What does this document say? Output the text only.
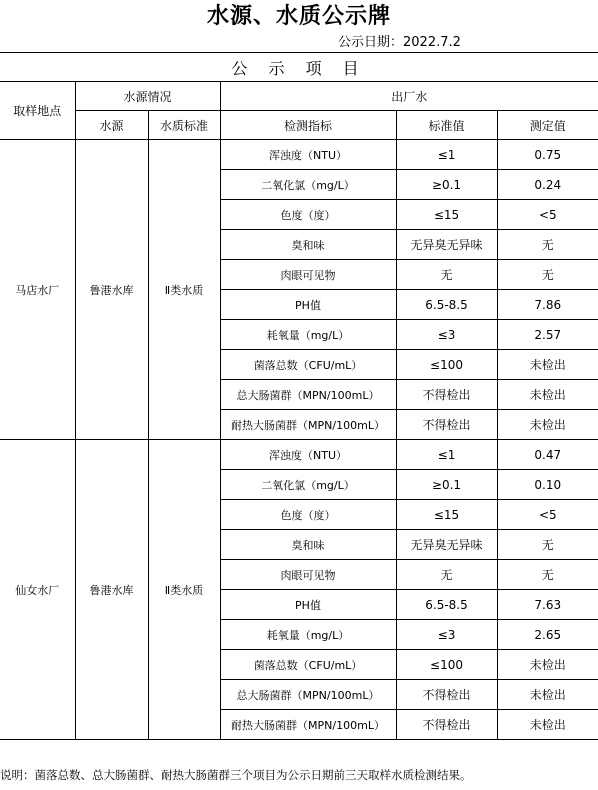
水源、水质公示牌
公示日期：2022.7.2
公 示 项 目					
取样地点	水源情况		出厂水		
	水源	水质标准	检测指标	标准值	测定值
马店水厂	鲁港水库	Ⅱ类水质	浑浊度（NTU）	≤1	0.75
			二氧化氯（mg/L）	≥0.1	0.24
			色度（度）	≤15	<5
			臭和味	无异臭无异味	无
			肉眼可见物	无	无
			PH值	6.5-8.5	7.86
			耗氧量（mg/L）	≤3	2.57
			菌落总数（CFU/mL）	≤100	未检出
			总大肠菌群（MPN/100mL）	不得检出	未检出
			耐热大肠菌群（MPN/100mL）	不得检出	未检出
仙女水厂	鲁港水库	Ⅱ类水质	浑浊度（NTU）	≤1	0.47
			二氧化氯（mg/L）	≥0.1	0.10
			色度（度）	≤15	<5
			臭和味	无异臭无异味	无
			肉眼可见物	无	无
			PH值	6.5-8.5	7.63
			耗氧量（mg/L）	≤3	2.65
			菌落总数（CFU/mL）	≤100	未检出
			总大肠菌群（MPN/100mL）	不得检出	未检出
			耐热大肠菌群（MPN/100mL）	不得检出	未检出
说明：菌落总数、总大肠菌群、耐热大肠菌群三个项目为公示日期前三天取样水质检测结果。
